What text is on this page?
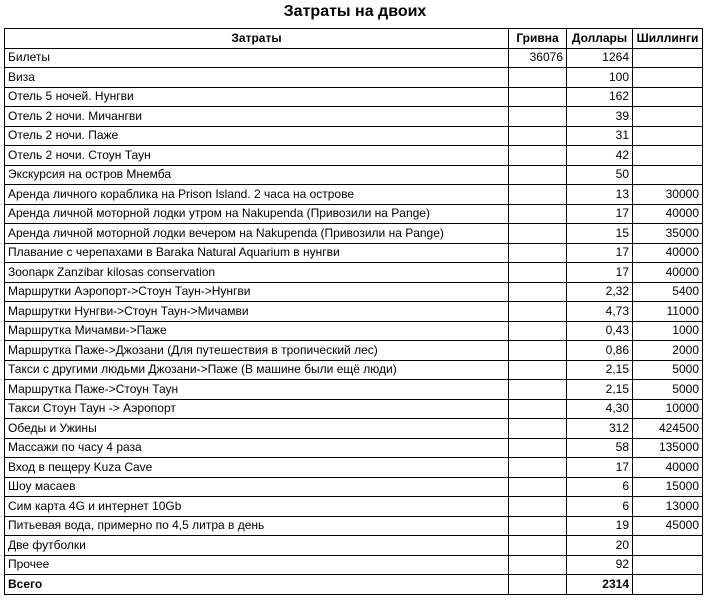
Затраты на двоих
Затраты	Гривна	Доллары	Шиллинги
Билеты	36076	1264	
Виза		100	
Отель 5 ночей. Нунгви		162	
Отель 2 ночи. Мичангви		39	
Отель 2 ночи. Паже		31	
Отель 2 ночи. Стоун Таун		42	
Экскурсия на остров Мнемба		50	
Аренда личного кораблика на Prison Island. 2 часа на острове		13	30000
Аренда личной моторной лодки утром на Nakupenda (Привозили на Pange)		17	40000
Аренда личной моторной лодки вечером на Nakupenda (Привозили на Pange)		15	35000
Плавание с черепахами в Baraka Natural Aquarium в нунгви		17	40000
Зоопарк Zanzibar kilosas conservation		17	40000
Маршрутки Аэропорт->Стоун Таун->Нунгви		2,32	5400
Маршрутки Нунгви->Стоун Таун->Мичамви		4,73	11000
Маршрутка Мичамви->Паже		0,43	1000
Маршрутка Паже->Джозани (Для путешествия в тропический лес)		0,86	2000
Такси с другими людьми Джозани->Паже (В машине были ещё люди)		2,15	5000
Маршрутка Паже->Стоун Таун		2,15	5000
Такси Стоун Таун -> Аэропорт		4,30	10000
Обеды и Ужины		312	424500
Массажи по часу 4 раза		58	135000
Вход в пещеру Kuza Cave		17	40000
Шоу масаев		6	15000
Сим карта 4G и интернет 10Gb		6	13000
Питьевая вода, примерно по 4,5 литра в день		19	45000
Две футболки		20	
Прочее		92	
Всего		2314	
